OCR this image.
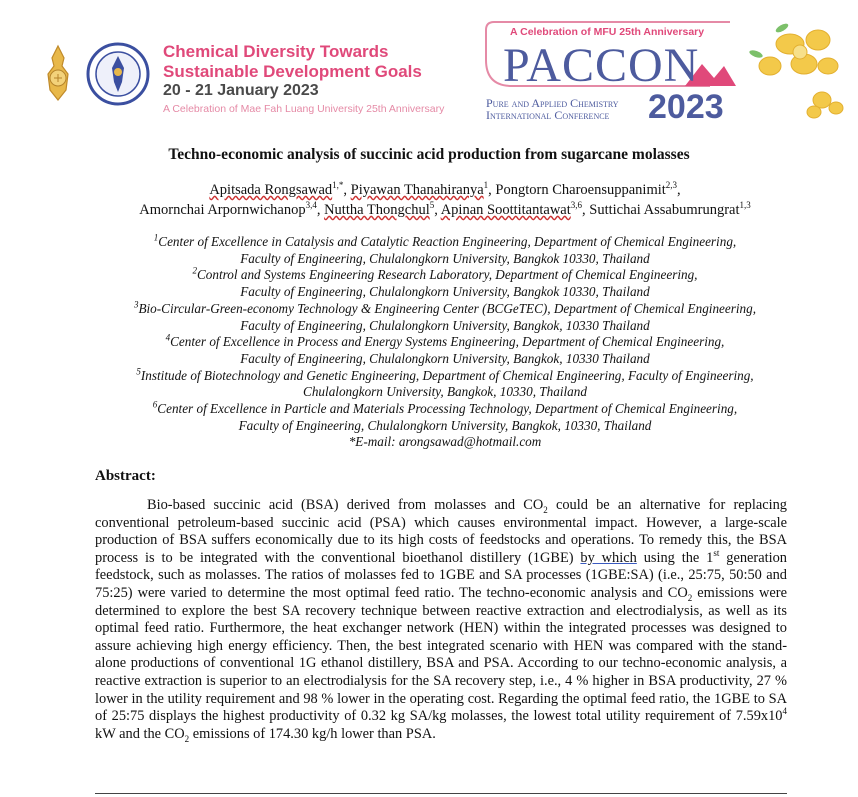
Chemical Diversity Towards
Sustainable Development Goals
20 - 21 January 2023
A Celebration of Mae Fah Luang University 25th Anniversary
A Celebration of MFU 25th Anniversary
PACCON
Pure and Applied Chemistry
International Conference 2023
Techno-economic analysis of succinic acid production from sugarcane molasses
Apitsada Rongsawad$^{1,*}$, Piyawan Thanahiranya$^1$, Pongtorn Charoensuppanimit$^{2,3}$,
Amornchai Arpornwichanop$^{3,4}$, Nuttha Thongchul$^5$, Apinan Soottitantawat$^{3,6}$, Suttichai Assabumrungrat$^{1,3}$

$^1$Center of Excellence in Catalysis and Catalytic Reaction Engineering, Department of Chemical Engineering,

Faculty of Engineering, Chulalongkorn University, Bangkok 10330, Thailand

$^2$Control and Systems Engineering Research Laboratory, Department of Chemical Engineering,

Faculty of Engineering, Chulalongkorn University, Bangkok 10330, Thailand

$^3$Bio-Circular-Green-economy Technology & Engineering Center (BCGeTEC), Department of Chemical Engineering,

Faculty of Engineering, Chulalongkorn University, Bangkok, 10330 Thailand

$^4$Center of Excellence in Process and Energy Systems Engineering, Department of Chemical Engineering,

Faculty of Engineering, Chulalongkorn University, Bangkok, 10330 Thailand

$^5$Institude of Biotechnology and Genetic Engineering, Department of Chemical Engineering, Faculty of Engineering,

Chulalongkorn University, Bangkok, 10330, Thailand

$^6$Center of Excellence in Particle and Materials Processing Technology, Department of Chemical Engineering,

Faculty of Engineering, Chulalongkorn University, Bangkok, 10330, Thailand

*E-mail: arongsawad@hotmail.com

Abstract:

Bio-based succinic acid (BSA) derived from molasses and $CO_2$ could be an alternative for replacing conventional petroleum-based succinic acid (PSA) which causes environmental impact. However, a large-scale production of BSA suffers economically due to its high costs of feedstocks and operations. To remedy this, the BSA process is to be integrated with the conventional bioethanol distillery (1GBE) by which using the 1st generation feedstock, such as molasses. The ratios of molasses fed to 1GBE and SA processes (1GBE:SA) (i.e., 25:75, 50:50 and 75:25) were varied to determine the most optimal feed ratio. The techno-economic analysis and $CO_2$ emissions were determined to explore the best SA recovery technique between reactive extraction and electrodialysis, as well as its optimal feed ratio. Furthermore, the heat exchanger network (HEN) within the integrated processes was designed to assure achieving high energy efficiency. Then, the best integrated scenario with HEN was compared with the stand-alone productions of conventional 1G ethanol distillery, BSA and PSA. According to our techno-economic analysis, a reactive extraction is superior to an electrodialysis for the SA recovery step, i.e., 4 % higher in BSA productivity, 27 % lower in the utility requirement and 98 % lower in the operating cost. Regarding the optimal feed ratio, the 1GBE to SA of 25:75 displays the highest productivity of 0.32 kg SA/kg molasses, the lowest total utility requirement of $7.59x10^4$ kW and the $CO_2$ emissions of 174.30 kg/h lower than PSA.
